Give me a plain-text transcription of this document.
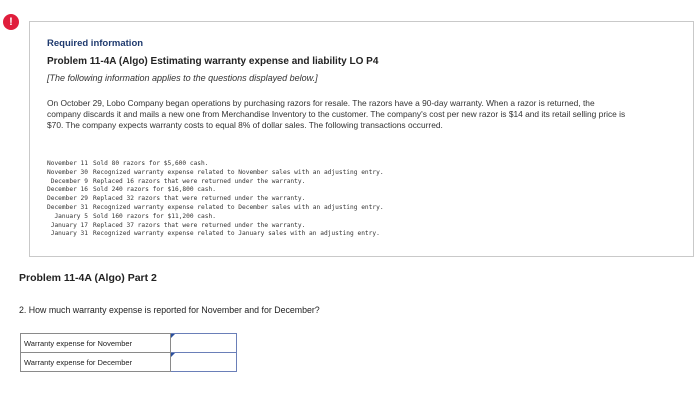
!
Required information
Problem 11-4A (Algo) Estimating warranty expense and liability LO P4
[The following information applies to the questions displayed below.]
On October 29, Lobo Company began operations by purchasing razors for resale. The razors have a 90-day warranty. When a razor is returned, the company discards it and mails a new one from Merchandise Inventory to the customer. The company's cost per new razor is $14 and its retail selling price is $70. The company expects warranty costs to equal 8% of dollar sales. The following transactions occurred.
November 11	Sold 80 razors for $5,600 cash.
November 30	Recognized warranty expense related to November sales with an adjusting entry.
December 9	Replaced 16 razors that were returned under the warranty.
December 16	Sold 240 razors for $16,800 cash.
December 29	Replaced 32 razors that were returned under the warranty.
December 31	Recognized warranty expense related to December sales with an adjusting entry.
January 5	Sold 160 razors for $11,200 cash.
January 17	Replaced 37 razors that were returned under the warranty.
January 31	Recognized warranty expense related to January sales with an adjusting entry.
Problem 11-4A (Algo) Part 2
2. How much warranty expense is reported for November and for December?
Warranty expense for November	
Warranty expense for December	
